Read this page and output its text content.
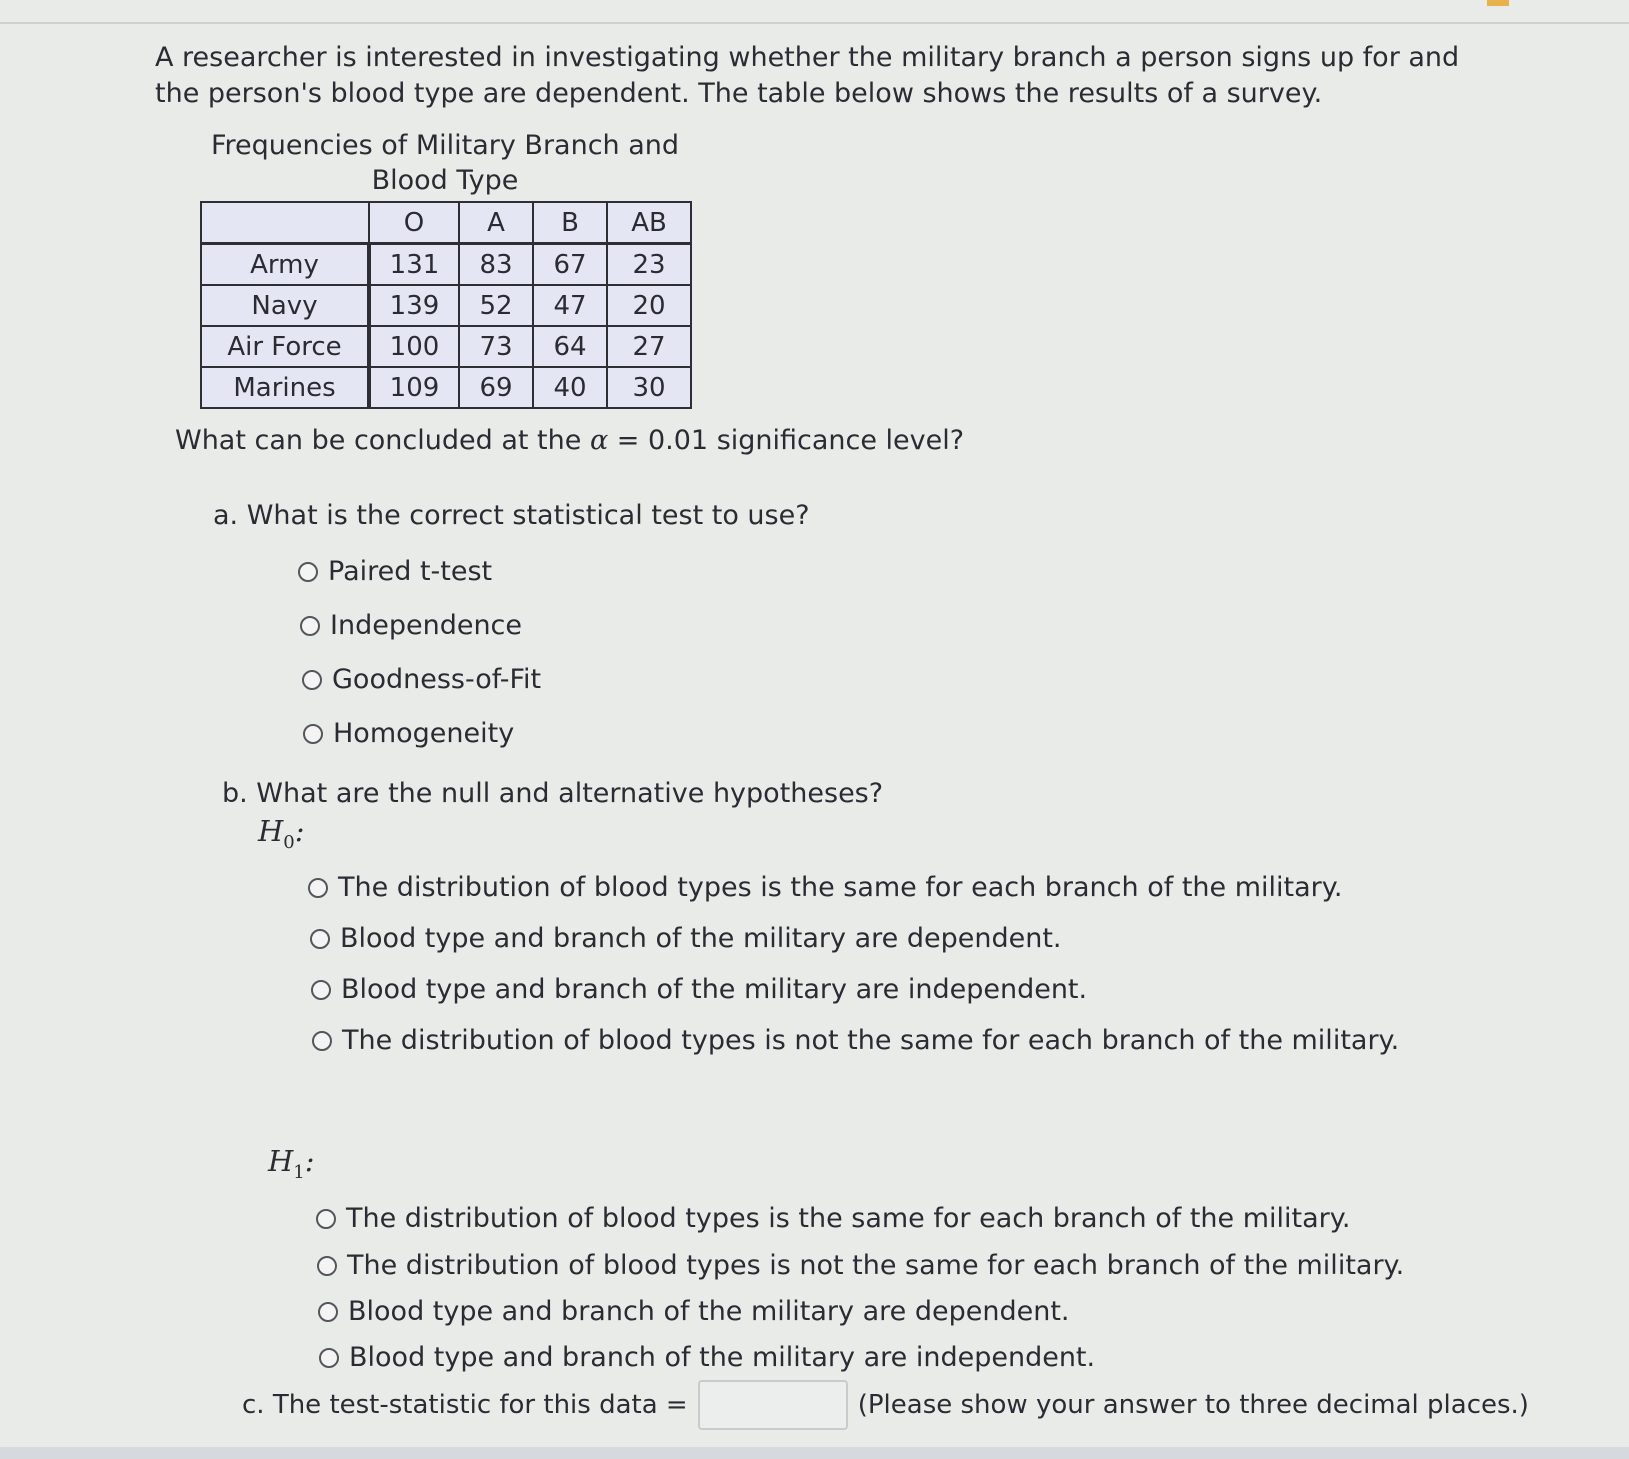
A researcher is interested in investigating whether the military branch a person signs up for and the person's blood type are dependent. The table below shows the results of a survey.

Frequencies of Military Branch and Blood Type
	O	A	B	AB
Army	131	83	67	23
Navy	139	52	47	20
Air Force	100	73	64	27
Marines	109	69	40	30
What can be concluded at the α = 0.01 significance level?
a. What is the correct statistical test to use?
Paired t-test
Independence
Goodness-of-Fit
Homogeneity
b. What are the null and alternative hypotheses?
$H_0$:
The distribution of blood types is the same for each branch of the military.
Blood type and branch of the military are dependent.
Blood type and branch of the military are independent.
The distribution of blood types is not the same for each branch of the military.
$H_1$:
The distribution of blood types is the same for each branch of the military.
The distribution of blood types is not the same for each branch of the military.
Blood type and branch of the military are dependent.
Blood type and branch of the military are independent.
c. The test-statistic for this data =	(Please show your answer to three decimal places.)
